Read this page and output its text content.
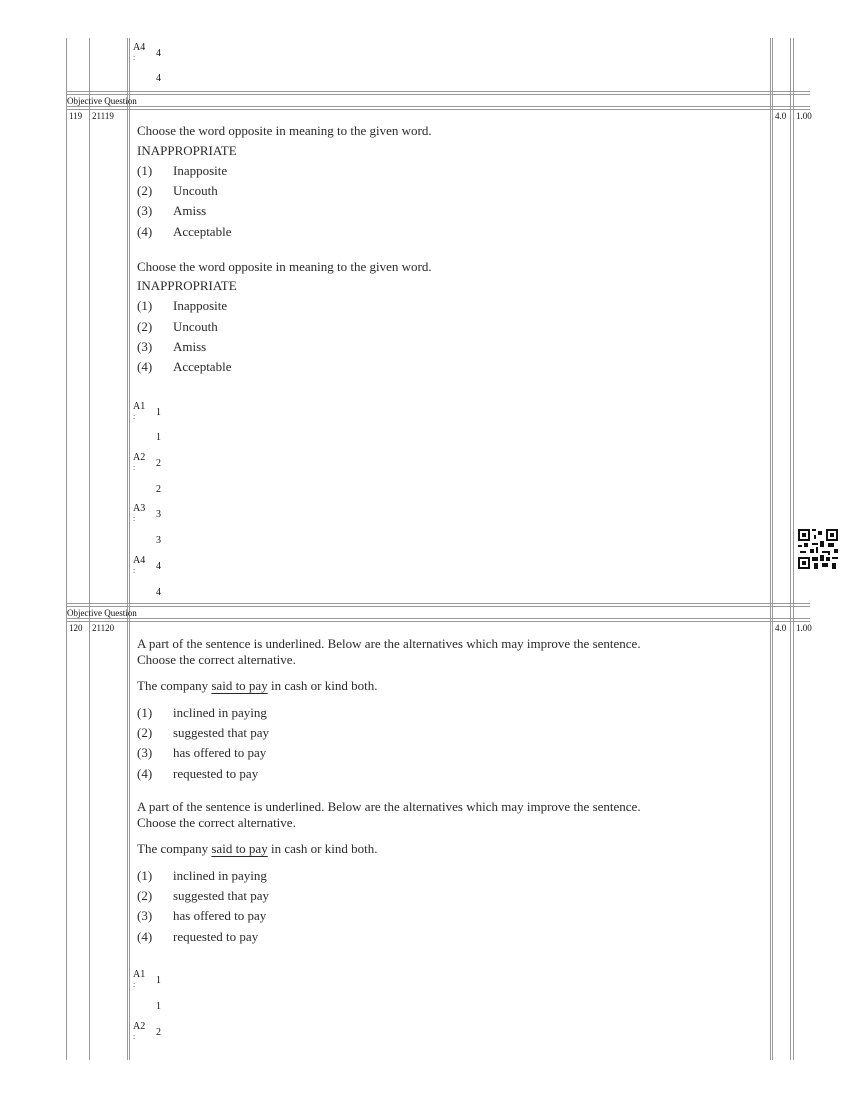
A4
: 4
4
Objective Question
119 21119	4.0 1.00
Choose the word opposite in meaning to the given word.
INAPPROPRIATE
(1) Inapposite
(2) Uncouth
(3) Amiss
(4) Acceptable
Choose the word opposite in meaning to the given word.
INAPPROPRIATE
(1) Inapposite
(2) Uncouth
(3) Amiss
(4) Acceptable
A1
: 1
1
A2
: 2
2
A3
: 3
3
A4
: 4
4
Objective Question
120 21120	4.0 1.00
A part of the sentence is underlined. Below are the alternatives which may improve the sentence.
Choose the correct alternative.
The company said to pay in cash or kind both.
(1) inclined in paying
(2) suggested that pay
(3) has offered to pay
(4) requested to pay
A part of the sentence is underlined. Below are the alternatives which may improve the sentence.
Choose the correct alternative.
The company said to pay in cash or kind both.
(1) inclined in paying
(2) suggested that pay
(3) has offered to pay
(4) requested to pay
A1
: 1
1
A2
: 2
